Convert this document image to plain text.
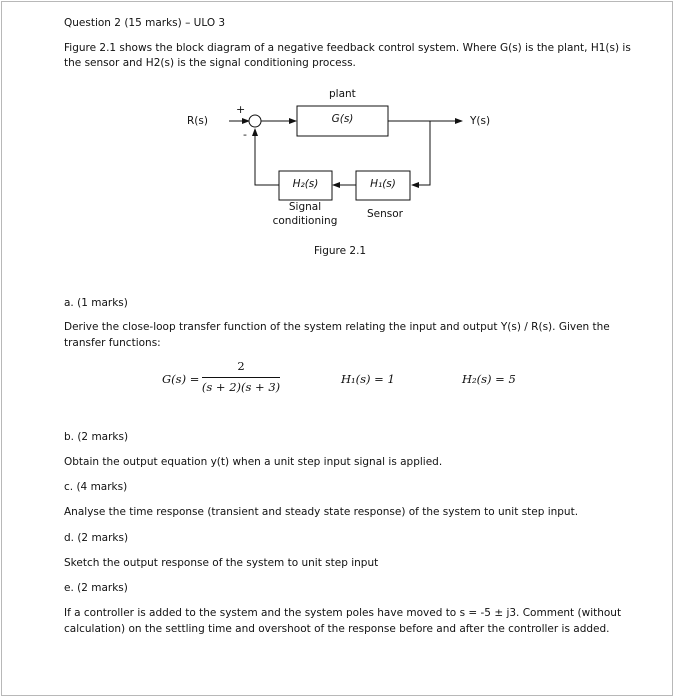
Question 2 (15 marks) – ULO 3
Figure 2.1 shows the block diagram of a negative feedback control system. Where G(s) is the plant, H1(s) is
the sensor and H2(s) is the signal conditioning process.
plant
G(s)
R(s)	Y(s)
+
-
H₂(s)	H₁(s)
Signal
conditioning
Sensor
Figure 2.1
a. (1 marks)
Derive the close-loop transfer function of the system relating the input and output Y(s) / R(s). Given the
transfer functions:
G(s) =
2
(s + 2)(s + 3)
H₁(s) = 1	H₂(s) = 5
b. (2 marks)
Obtain the output equation y(t) when a unit step input signal is applied.
c. (4 marks)
Analyse the time response (transient and steady state response) of the system to unit step input.
d. (2 marks)
Sketch the output response of the system to unit step input
e. (2 marks)
If a controller is added to the system and the system poles have moved to s = -5 ± j3. Comment (without
calculation) on the settling time and overshoot of the response before and after the controller is added.
